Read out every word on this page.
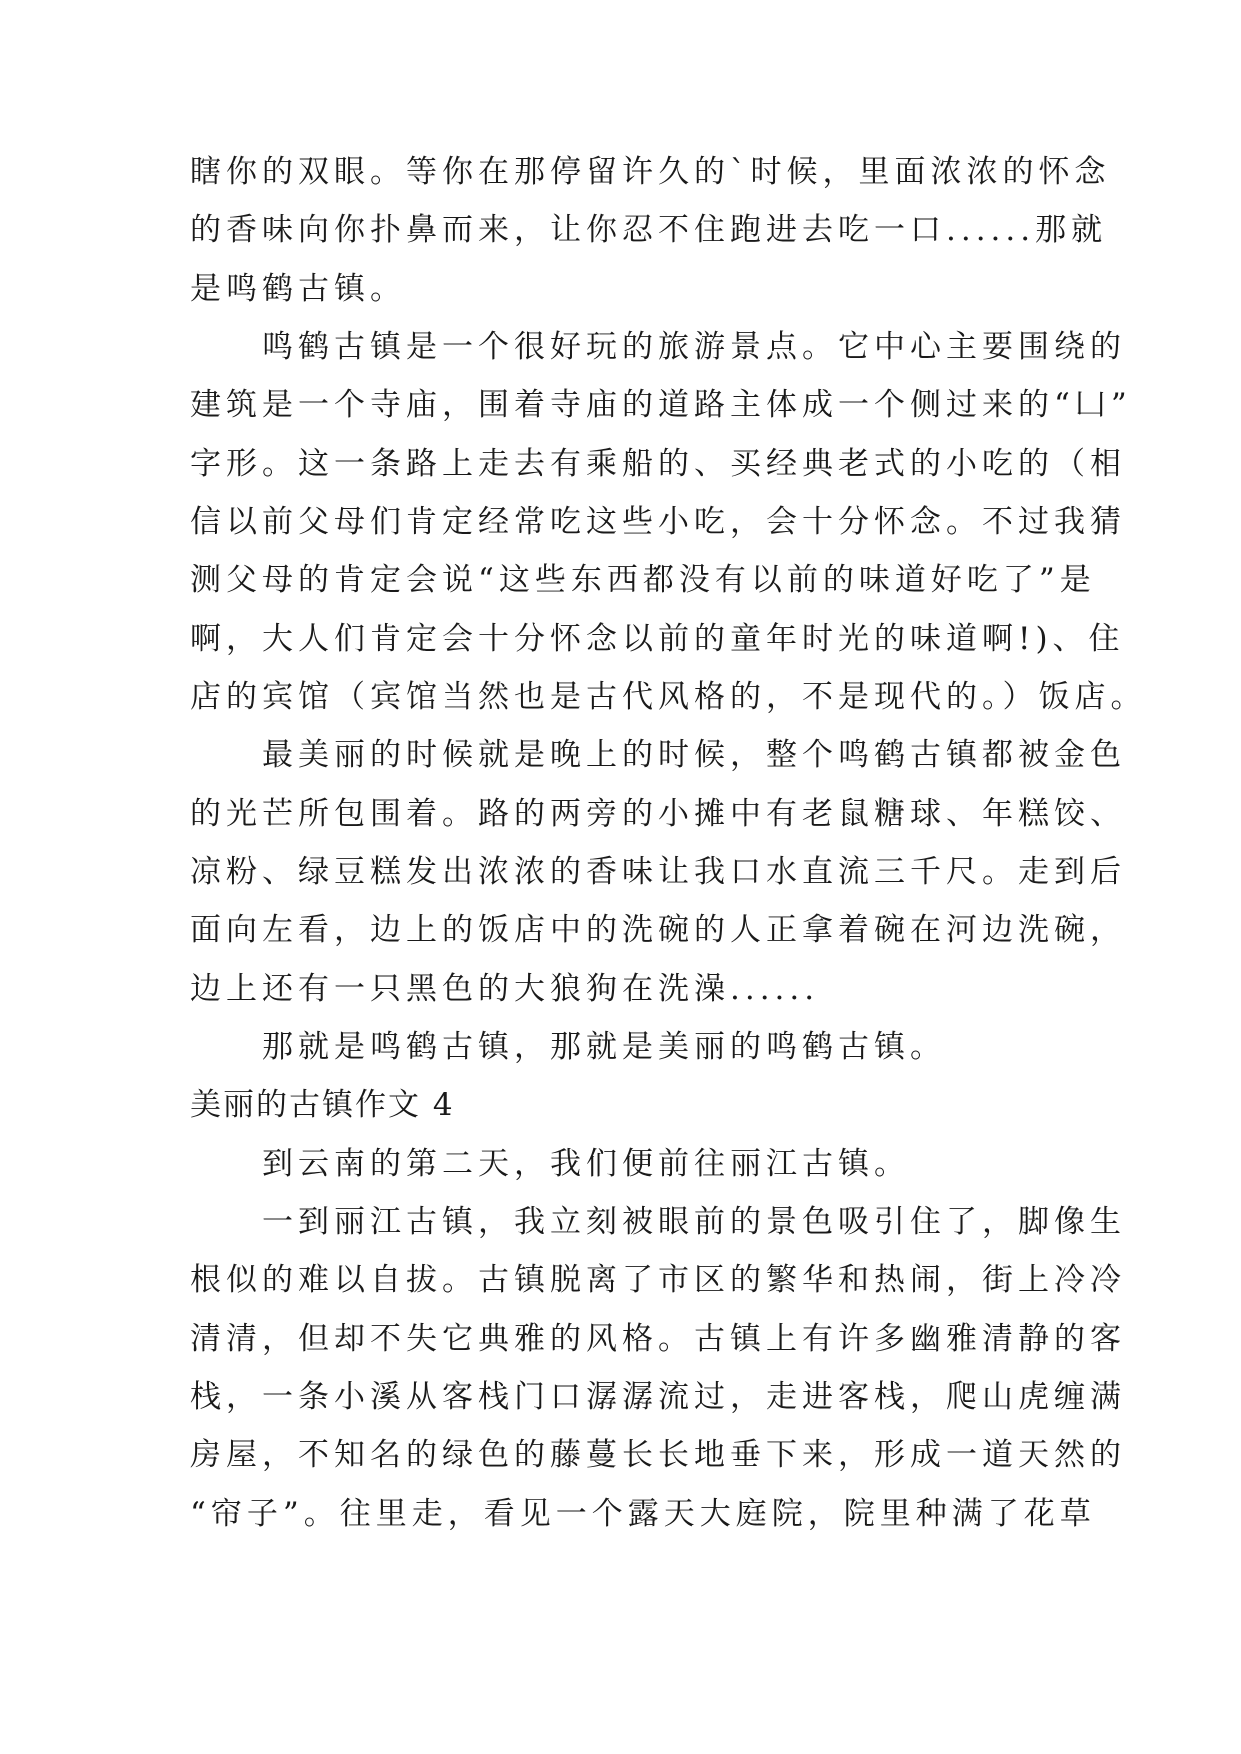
瞎你的双眼。等你在那停留许久的`时候，里面浓浓的怀念
的香味向你扑鼻而来，让你忍不住跑进去吃一口......那就
是鸣鹤古镇。
　　鸣鹤古镇是一个很好玩的旅游景点。它中心主要围绕的
建筑是一个寺庙，围着寺庙的道路主体成一个侧过来的“凵”
字形。这一条路上走去有乘船的、买经典老式的小吃的（相
信以前父母们肯定经常吃这些小吃，会十分怀念。不过我猜
测父母的肯定会说“这些东西都没有以前的味道好吃了”是
啊，大人们肯定会十分怀念以前的童年时光的味道啊!)、住
店的宾馆（宾馆当然也是古代风格的，不是现代的。）饭店。
　　最美丽的时候就是晚上的时候，整个鸣鹤古镇都被金色
的光芒所包围着。路的两旁的小摊中有老鼠糖球、年糕饺、
凉粉、绿豆糕发出浓浓的香味让我口水直流三千尺。走到后
面向左看，边上的饭店中的洗碗的人正拿着碗在河边洗碗，
边上还有一只黑色的大狼狗在洗澡......
　　那就是鸣鹤古镇，那就是美丽的鸣鹤古镇。
美丽的古镇作文 4
　　到云南的第二天，我们便前往丽江古镇。
　　一到丽江古镇，我立刻被眼前的景色吸引住了，脚像生
根似的难以自拔。古镇脱离了市区的繁华和热闹，街上冷冷
清清，但却不失它典雅的风格。古镇上有许多幽雅清静的客
栈，一条小溪从客栈门口潺潺流过，走进客栈，爬山虎缠满
房屋，不知名的绿色的藤蔓长长地垂下来，形成一道天然的
“帘子”。往里走，看见一个露天大庭院，院里种满了花草
